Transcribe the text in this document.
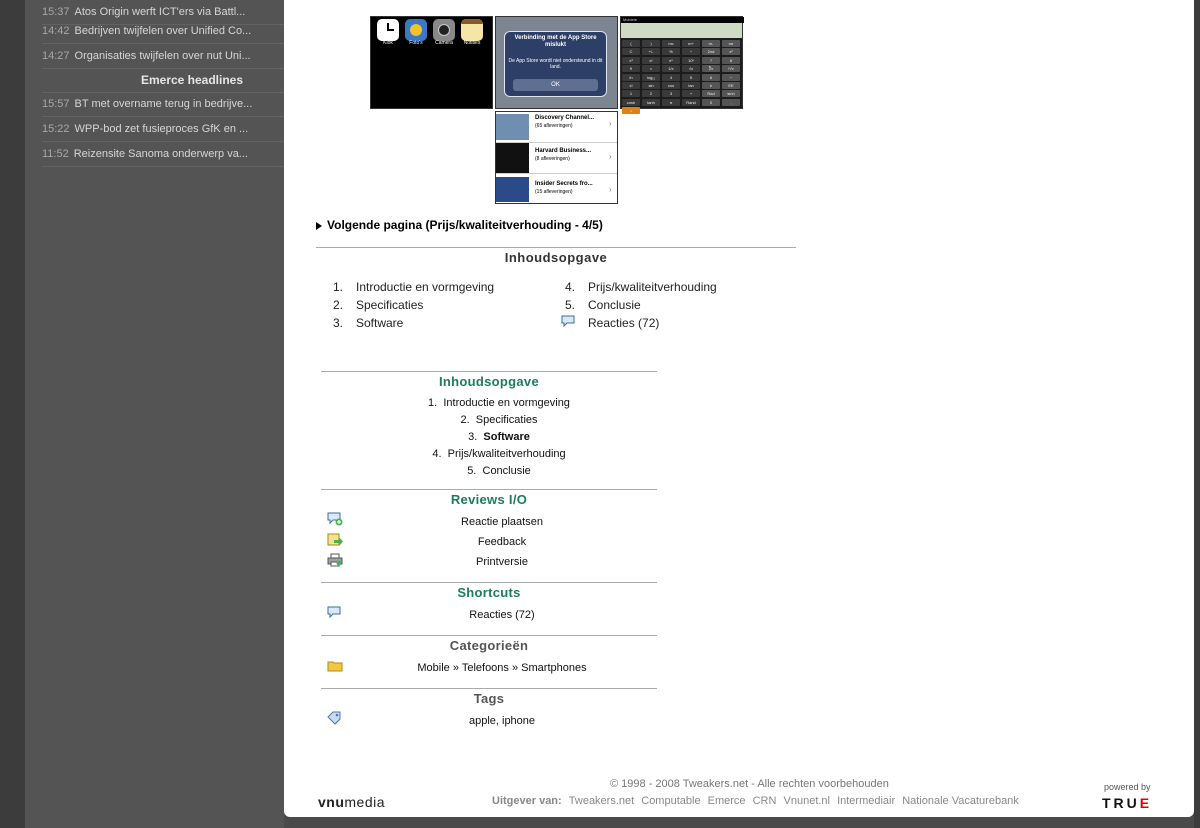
15:37 Atos Origin werft ICT'ers via Battl...
14:42 Bedrijven twijfelen over Unified Co...
14:27 Organisaties twijfelen over nut Uni...
Emerce headlines
15:57 BT met overname terug in bedrijve...
15:22 WPP-bod zet fusieproces GfK en ...
11:52 Reizensite Sanoma onderwerp va...
Klok	Foto's	Camera	Notities
Verbinding met de App Store mislukt
De App Store wordt niet ondersteund in dit land.
OK
Mobiele
(	)	mc	m+	m-	mr
C	+/-	%	÷	2nd	x²
x³	xʸ	eˣ	10ˣ	7	8
9	×	1/x	√x	∛x	ʸ√x
ln	log₁₀	4	5	6	−
x!	sin	cos	tan	e	EE
1	2	3	+	Rad	sinh
cosh	tanh	π	Rand	0	,
=
Discovery Channel...
(65 afleveringen)	›
Harvard Business...
(8 afleveringen)	›
Insider Secrets fro...
(15 afleveringen)	›
Volgende pagina (Prijs/kwaliteitverhouding - 4/5)
Inhoudsopgave
1. Introductie en vormgeving
2. Specificaties
3. Software
4. Prijs/kwaliteitverhouding
5. Conclusie
Reacties (72)
Inhoudsopgave
1. Introductie en vormgeving
2. Specificaties
3. Software
4. Prijs/kwaliteitverhouding
5. Conclusie
Reviews I/O
Reactie plaatsen
Feedback
Printversie
Shortcuts
Reacties (72)
Categorieën
Mobile » Telefoons » Smartphones
Tags
apple, iphone
vnumedia
© 1998 - 2008 Tweakers.net - Alle rechten voorbehouden
Uitgever van: Tweakers.net Computable Emerce CRN Vnunet.nl Intermediair Nationale Vacaturebank
powered by
TRUE
